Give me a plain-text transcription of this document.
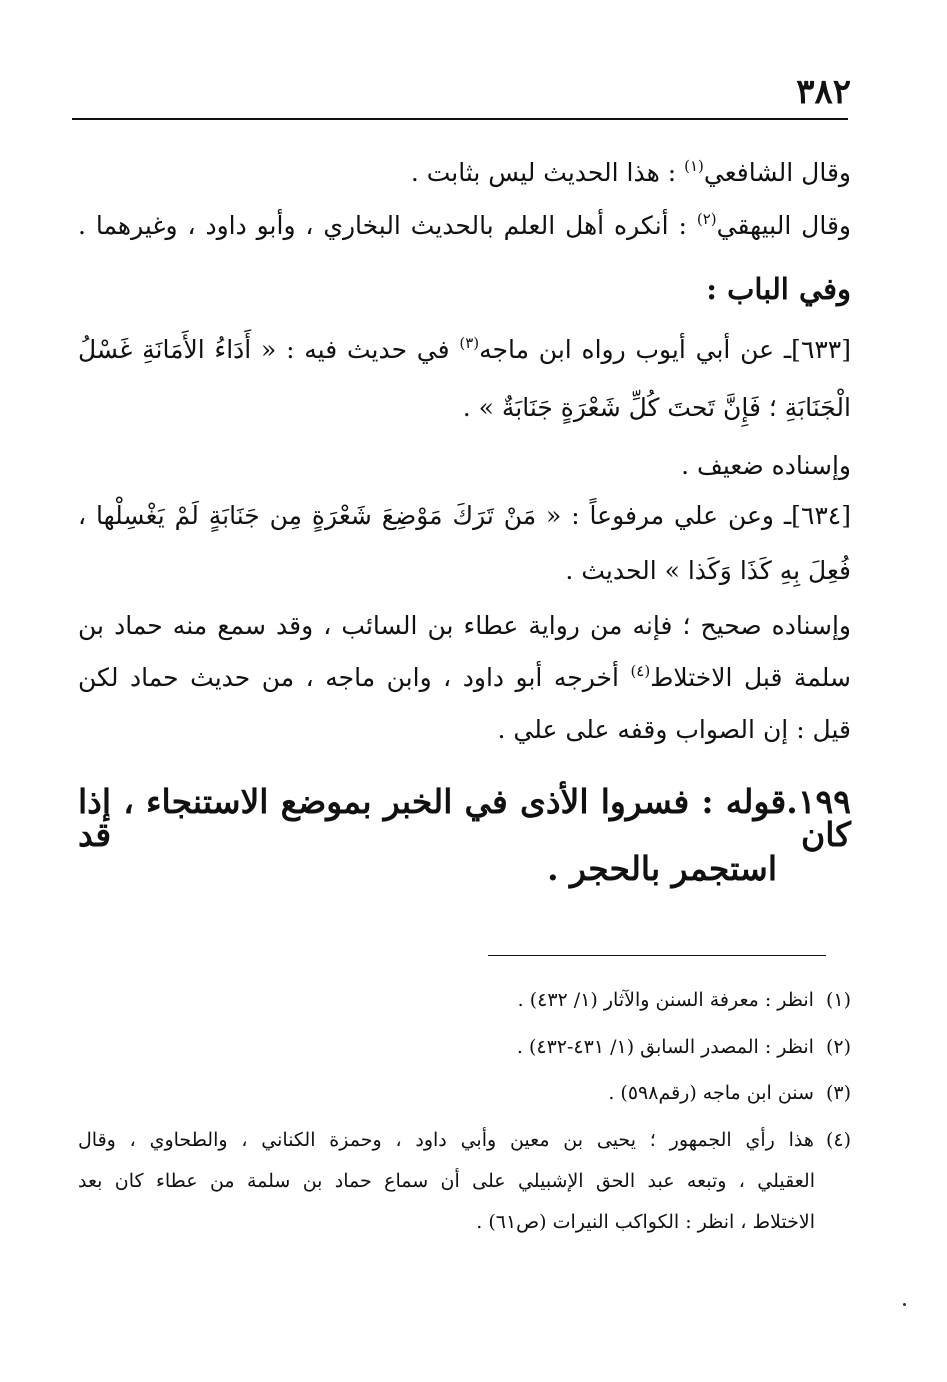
٣٨٢
وقال الشافعي$^{(١)}$ : هذا الحديث ليس بثابت .
وقال البيهقي$^{(٢)}$ : أنكره أهل العلم بالحديث البخاري ، وأبو داود ، وغيرهما .
وفي الباب :
[٦٣٣]ـ عن أبي أيوب رواه ابن ماجه$^{(٣)}$ في حديث فيه : « أَدَاءُ الأَمَانَةِ غَسْلُ
الْجَنَابَةِ ؛ فَإِنَّ تَحتَ كُلِّ شَعْرَةٍ جَنَابَةٌ » .
وإسناده ضعيف .
[٦٣٤]ـ وعن علي مرفوعاً : « مَنْ تَرَكَ مَوْضِعَ شَعْرَةٍ مِن جَنَابَةٍ لَمْ يَغْسِلْها ،
فُعِلَ بِهِ كَذَا وَكَذا » الحديث .
وإسناده صحيح ؛ فإنه من رواية عطاء بن السائب ، وقد سمع منه حماد بن
سلمة قبل الاختلاط$^{(٤)}$ أخرجه أبو داود ، وابن ماجه ، من حديث حماد لكن
قيل : إن الصواب وقفه على علي .
١٩٩.قوله : فسروا الأذى في الخبر بموضع الاستنجاء ، إذا كان قد
استجمر بالحجر .
(١)انظر : معرفة السنن والآثار (١/ ٤٣٢) .
(٢)انظر : المصدر السابق (١/ ٤٣١-٤٣٢) .
(٣)سنن ابن ماجه (رقم٥٩٨) .
(٤)هذا رأي الجمهور ؛ يحيى بن معين وأبي داود ، وحمزة الكناني ، والطحاوي ، وقال
العقيلي ، وتبعه عبد الحق الإشبيلي على أن سماع حماد بن سلمة من عطاء كان بعد
الاختلاط ، انظر : الكواكب النيرات (ص٦١) .
